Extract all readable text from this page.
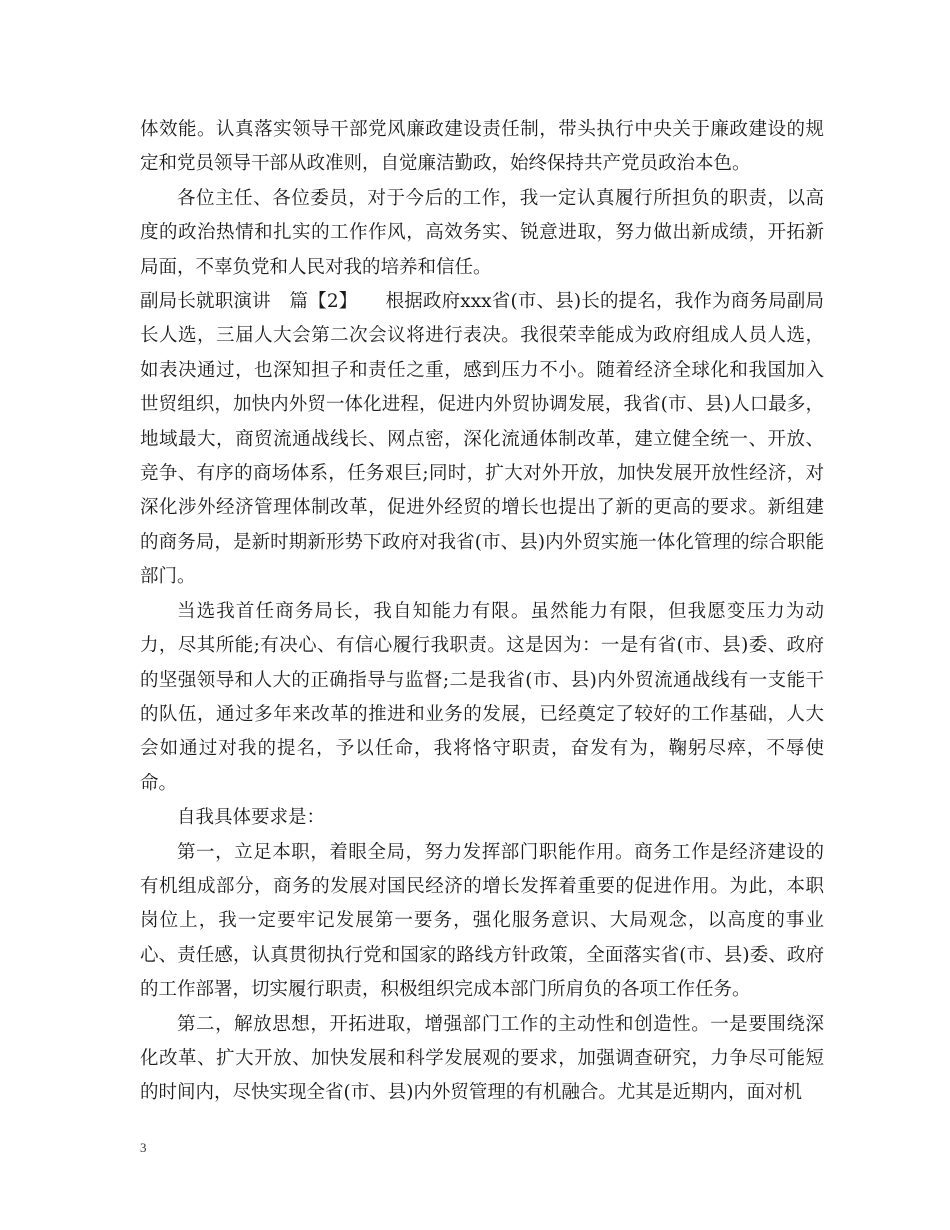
体效能。认真落实领导干部党风廉政建设责任制，带头执行中央关于廉政建设的规定和党员领导干部从政准则，自觉廉洁勤政，始终保持共产党员政治本色。

各位主任、各位委员，对于今后的工作，我一定认真履行所担负的职责，以高度的政治热情和扎实的工作作风，高效务实、锐意进取，努力做出新成绩，开拓新局面，不辜负党和人民对我的培养和信任。

副局长就职演讲　篇【2】　　根据政府xxx省(市、县)长的提名，我作为商务局副局长人选，三届人大会第二次会议将进行表决。我很荣幸能成为政府组成人员人选，如表决通过，也深知担子和责任之重，感到压力不小。随着经济全球化和我国加入世贸组织，加快内外贸一体化进程，促进内外贸协调发展，我省(市、县)人口最多，地域最大，商贸流通战线长、网点密，深化流通体制改革，建立健全统一、开放、竞争、有序的商场体系，任务艰巨;同时，扩大对外开放，加快发展开放性经济，对深化涉外经济管理体制改革，促进外经贸的增长也提出了新的更高的要求。新组建的商务局，是新时期新形势下政府对我省(市、县)内外贸实施一体化管理的综合职能部门。

当选我首任商务局长，我自知能力有限。虽然能力有限，但我愿变压力为动力，尽其所能;有决心、有信心履行我职责。这是因为：一是有省(市、县)委、政府的坚强领导和人大的正确指导与监督;二是我省(市、县)内外贸流通战线有一支能干的队伍，通过多年来改革的推进和业务的发展，已经奠定了较好的工作基础，人大会如通过对我的提名，予以任命，我将恪守职责，奋发有为，鞠躬尽瘁，不辱使命。

自我具体要求是：

第一，立足本职，着眼全局，努力发挥部门职能作用。商务工作是经济建设的有机组成部分，商务的发展对国民经济的增长发挥着重要的促进作用。为此，本职岗位上，我一定要牢记发展第一要务，强化服务意识、大局观念，以高度的事业心、责任感，认真贯彻执行党和国家的路线方针政策，全面落实省(市、县)委、政府的工作部署，切实履行职责，积极组织完成本部门所肩负的各项工作任务。

第二，解放思想，开拓进取，增强部门工作的主动性和创造性。一是要围绕深化改革、扩大开放、加快发展和科学发展观的要求，加强调查研究，力争尽可能短的时间内，尽快实现全省(市、县)内外贸管理的有机融合。尤其是近期内，面对机

3
